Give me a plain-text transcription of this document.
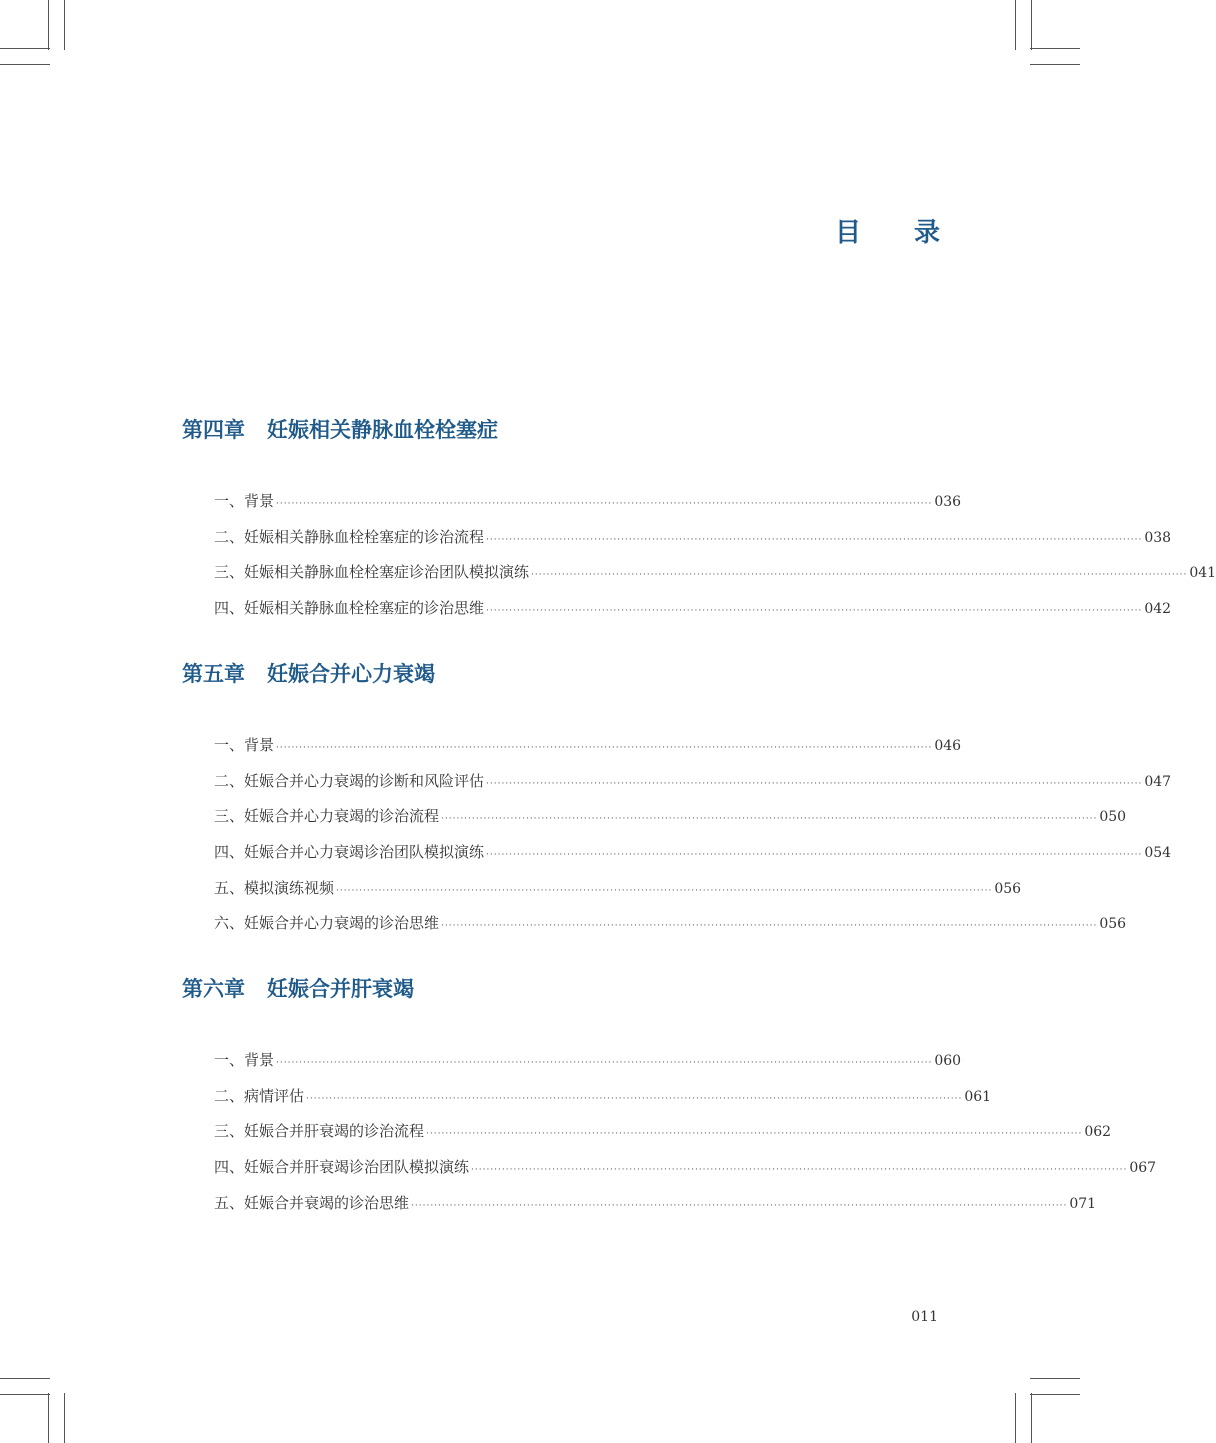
目 录
第四章 妊娠相关静脉血栓栓塞症
一、背景 ·········································································································································································· 036
二、妊娠相关静脉血栓栓塞症的诊治流程 ·········································································································································································· 038
三、妊娠相关静脉血栓栓塞症诊治团队模拟演练 ·········································································································································································· 041
四、妊娠相关静脉血栓栓塞症的诊治思维 ·········································································································································································· 042
第五章 妊娠合并心力衰竭
一、背景 ·········································································································································································· 046
二、妊娠合并心力衰竭的诊断和风险评估 ·········································································································································································· 047
三、妊娠合并心力衰竭的诊治流程 ·········································································································································································· 050
四、妊娠合并心力衰竭诊治团队模拟演练 ·········································································································································································· 054
五、模拟演练视频 ·········································································································································································· 056
六、妊娠合并心力衰竭的诊治思维 ·········································································································································································· 056
第六章 妊娠合并肝衰竭
一、背景 ·········································································································································································· 060
二、病情评估 ·········································································································································································· 061
三、妊娠合并肝衰竭的诊治流程 ·········································································································································································· 062
四、妊娠合并肝衰竭诊治团队模拟演练 ·········································································································································································· 067
五、妊娠合并衰竭的诊治思维 ·········································································································································································· 071
011
